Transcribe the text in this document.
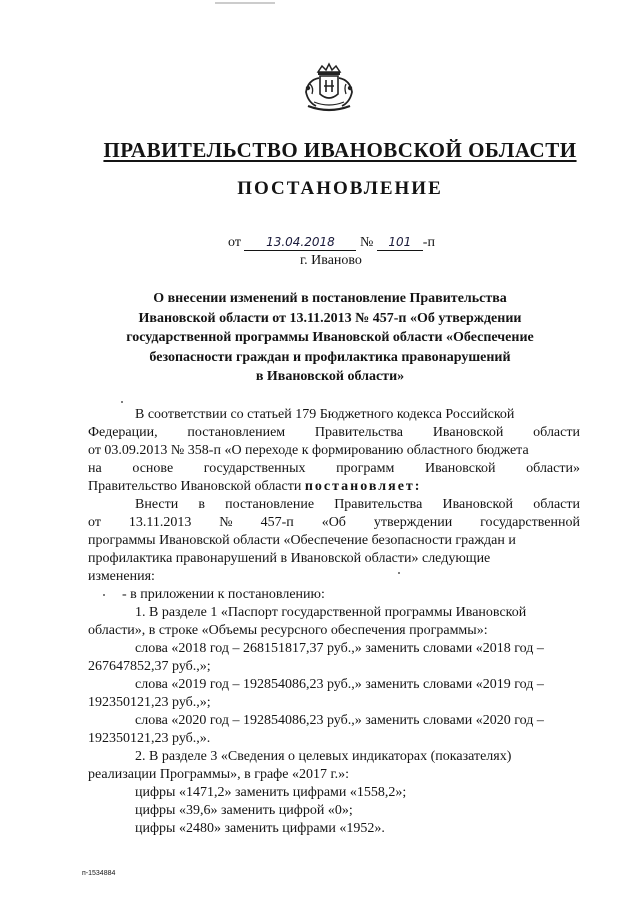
ПРАВИТЕЛЬСТВО ИВАНОВСКОЙ ОБЛАСТИ
ПОСТАНОВЛЕНИЕ
от 13.04.2018 № 101 -п
г. Иваново
О внесении изменений в постановление Правительства
Ивановской области от 13.11.2013 № 457-п «Об утверждении
государственной программы Ивановской области «Обеспечение
безопасности граждан и профилактика правонарушений
в Ивановской области»
В соответствии со статьей 179 Бюджетного кодекса Российской
Федерации, постановлением Правительства Ивановской области
от 03.09.2013 № 358-п «О переходе к формированию областного бюджета
на основе государственных программ Ивановской области»
Правительство Ивановской области постановляет:
Внести в постановление Правительства Ивановской области
от 13.11.2013 № 457-п «Об утверждении государственной
программы Ивановской области «Обеспечение безопасности граждан и
профилактика правонарушений в Ивановской области» следующие
изменения:
- в приложении к постановлению:
1. В разделе 1 «Паспорт государственной программы Ивановской
области», в строке «Объемы ресурсного обеспечения программы»:
слова «2018 год – 268151817,37 руб.,» заменить словами «2018 год –
267647852,37 руб.,»;
слова «2019 год – 192854086,23 руб.,» заменить словами «2019 год –
192350121,23 руб.,»;
слова «2020 год – 192854086,23 руб.,» заменить словами «2020 год –
192350121,23 руб.,».
2. В разделе 3 «Сведения о целевых индикаторах (показателях)
реализации Программы», в графе «2017 г.»:
цифры «1471,2» заменить цифрами «1558,2»;
цифры «39,6» заменить цифрой «0»;
цифры «2480» заменить цифрами «1952».
п-1534884
